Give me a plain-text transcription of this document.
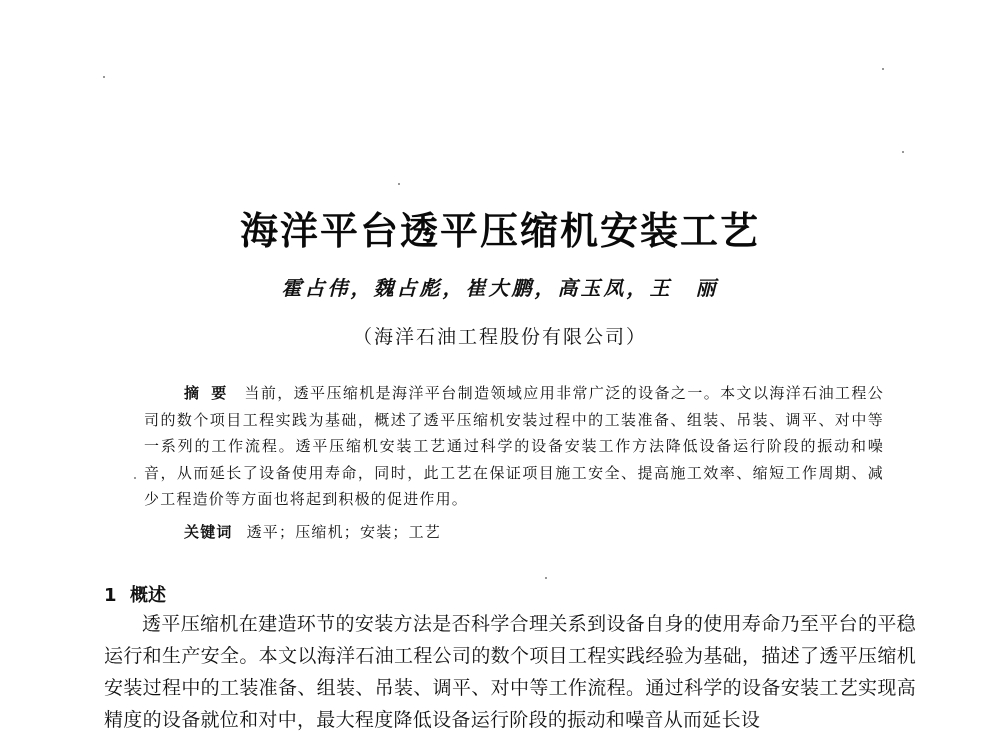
海洋平台透平压缩机安装工艺
霍占伟，魏占彪，崔大鹏，高玉凤，王　丽
（海洋石油工程股份有限公司）

摘要 当前，透平压缩机是海洋平台制造领域应用非常广泛的设备之一。本文以海洋石油工程公司的数个项目工程实践为基础，概述了透平压缩机安装过程中的工装准备、组装、吊装、调平、对中等一系列的工作流程。透平压缩机安装工艺通过科学的设备安装工作方法降低设备运行阶段的振动和噪音，从而延长了设备使用寿命，同时，此工艺在保证项目施工安全、提高施工效率、缩短工作周期、减少工程造价等方面也将起到积极的促进作用。

关键词 透平；压缩机；安装；工艺
1 概述

透平压缩机在建造环节的安装方法是否科学合理关系到设备自身的使用寿命乃至平台的平稳运行和生产安全。本文以海洋石油工程公司的数个项目工程实践经验为基础，描述了透平压缩机安装过程中的工装准备、组装、吊装、调平、对中等工作流程。通过科学的设备安装工艺实现高精度的设备就位和对中，最大程度降低设备运行阶段的振动和噪音从而延长设
